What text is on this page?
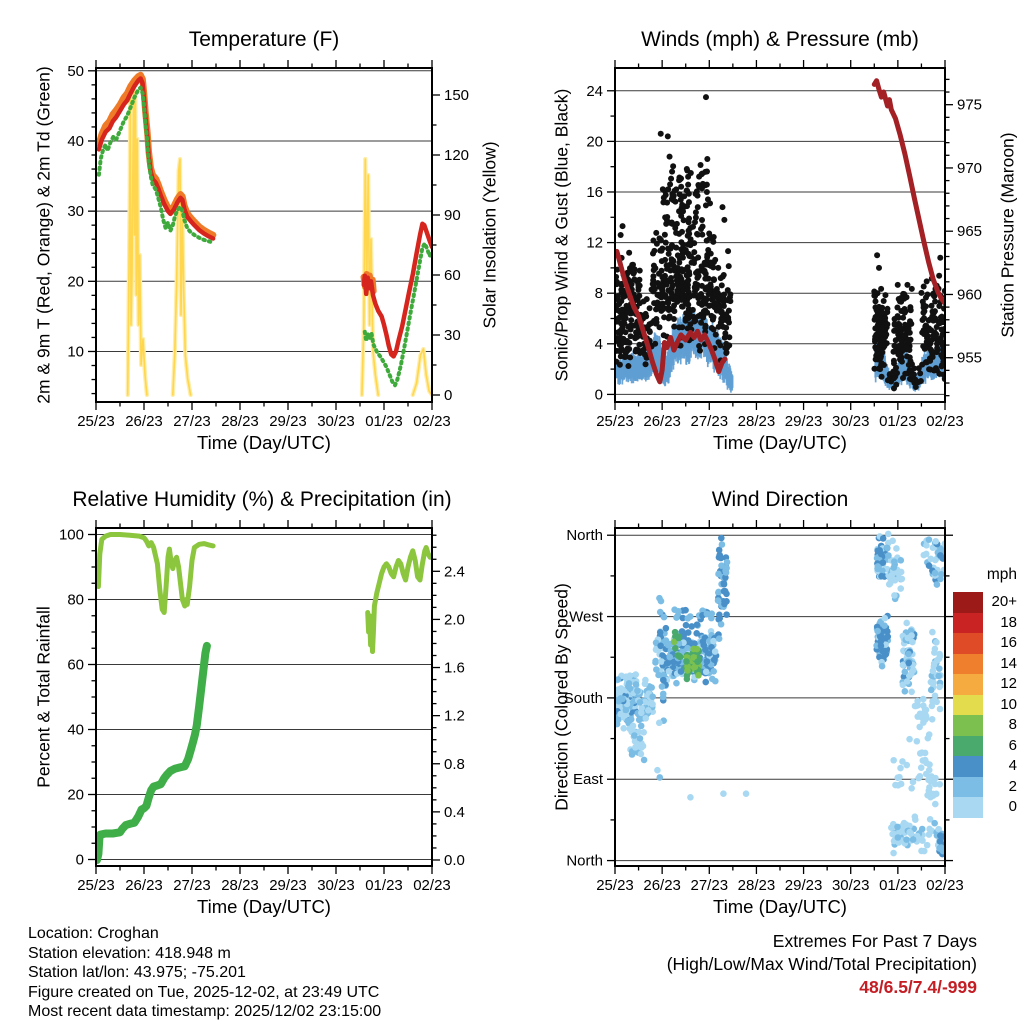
25/23 26/23 27/23 28/23 29/23 30/23 01/23 02/23
10
20
30
40
50
0
30
60
90
120
150
25/23 26/23 27/23 28/23 29/23 30/23 01/23 02/23
0
4
8
12
16
20
24
955
960
965
970
975
25/23 26/23 27/23 28/23 29/23 30/23 01/23 02/23
0
20
40
60
80
100
0.0
0.4
0.8
1.2
1.6
2.0
2.4
25/23 26/23 27/23 28/23 29/23 30/23 01/23 02/23
North
West
South
East
North
Temperature (F)	Winds (mph) & Pressure (mb)
Relative Humidity (%) & Precipitation (in)	Wind Direction
2m & 9m T (Red, Orange) & 2m Td (Green)	Solar Insolation (Yellow)	Sonic/Prop Wind & Gust (Blue, Black)	Station Pressure (Maroon)
Percent & Total Rainfall	Direction (Colored By Speed)
Time (Day/UTC)	Time (Day/UTC)
Time (Day/UTC)	Time (Day/UTC)
mph
20+
18
16
14
12
10
8
6
4
2
0
Location: Croghan
Station elevation: 418.948 m
Station lat/lon: 43.975; -75.201
Figure created on Tue, 2025-12-02, at 23:49 UTC
Most recent data timestamp: 2025/12/02 23:15:00
Extremes For Past 7 Days
(High/Low/Max Wind/Total Precipitation)
48/6.5/7.4/-999
